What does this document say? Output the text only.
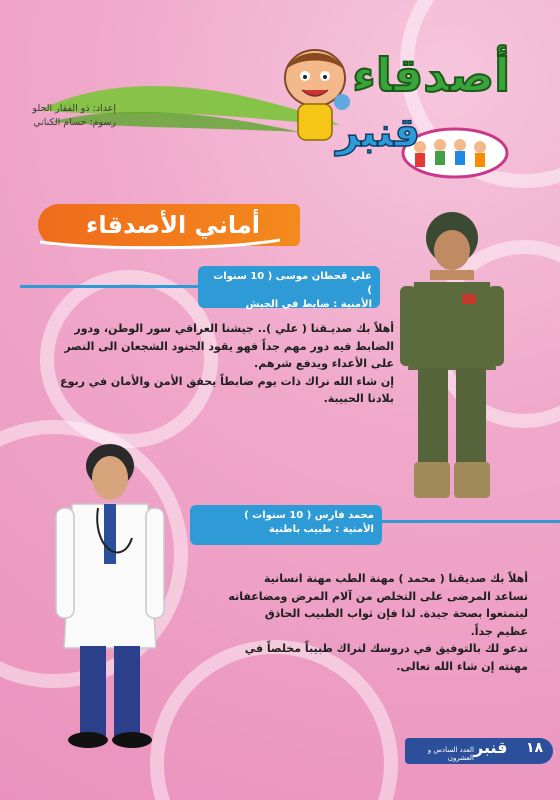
إعداد: ذو الفقار الحلو
رسوم: حسام الكناني
أصدقاء
قنبر
أماني الأصدقاء
علي قحطان موسى ( 10 سنوات )
الأمنية : ضابط في الجيش
أهلاً بك صديـقنا ( علي ).. جيشنا العراقي سور الوطن، ودور
الضابط فيه دور مهم جداً فهو يقود الجنود الشجعان الى النصر
على الأعداء ويدفع شرهم.
إن شاء الله نراك ذات يوم ضابطاً يحقق الأمن والأمان في ربوع
بلادنا الحبيبة.
محمد فارس ( 10 سنوات )
الأمنية : طبيب باطنية
أهلاً بك صديقنا ( محمد ) مهنة الطب مهنة انسانية
تساعد المرضى على التخلص من آلام المرض ومضاعفاته
ليتمتعوا بصحة جيدة. لذا فإن ثواب الطبيب الحاذق
عظيم جداً.
ندعو لك بالتوفيق في دروسك لنراك طبيباً مخلصاً في
مهنته إن شاء الله تعالى.
١٨
قنبر
العدد السادس و العشرون
